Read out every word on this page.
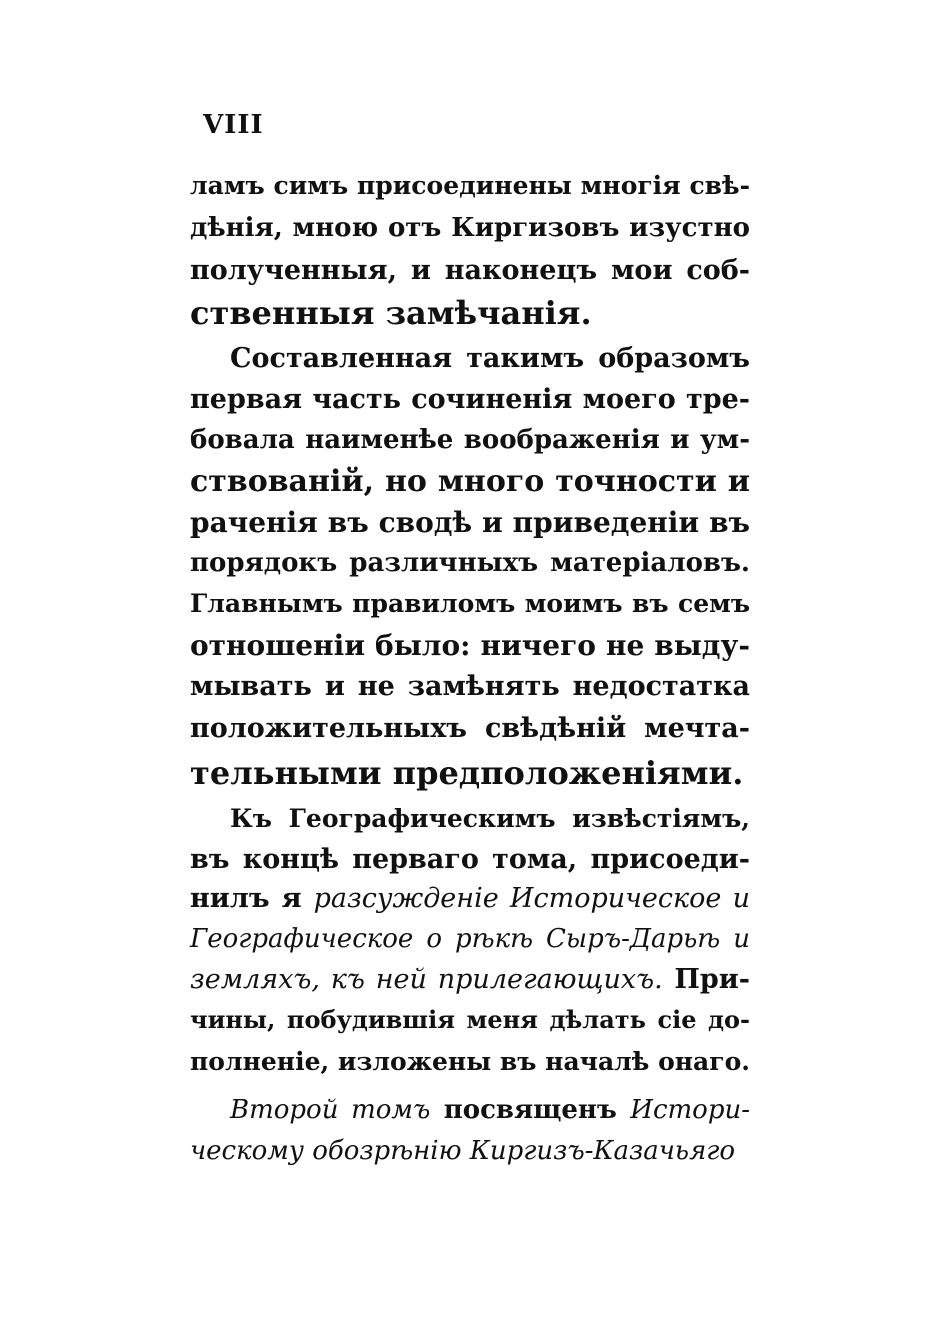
VIII
ламъ симъ присоединены многія свѣ-
дѣнія, мною отъ Киргизовъ изустно
полученныя, и наконецъ мои соб-
ственныя замѣчанія.
Составленная такимъ образомъ
первая часть сочиненія моего тре-
бовала наименѣе воображенія и ум-
ствованій, но много точности и
раченія въ сводѣ и приведеніи въ
порядокъ различныхъ матеріаловъ.
Главнымъ правиломъ моимъ въ семъ
отношеніи было: ничего не выду-
мывать и не замѣнять недостатка
положительныхъ свѣдѣній мечта-
тельными предположеніями.
Къ Географическимъ извѣстіямъ,
въ концѣ перваго тома, присоеди-
нилъ я разсужденіе Историческое и
Географическое о рѣкѣ Сыръ-Дарьѣ и
земляхъ, къ ней прилегающихъ. При-
чины, побудившія меня дѣлать сіе до-
полненіе, изложены въ началѣ онаго.
Второй томъ посвященъ Истори-
ческому обозрѣнію Киргизъ-Казачьяго
